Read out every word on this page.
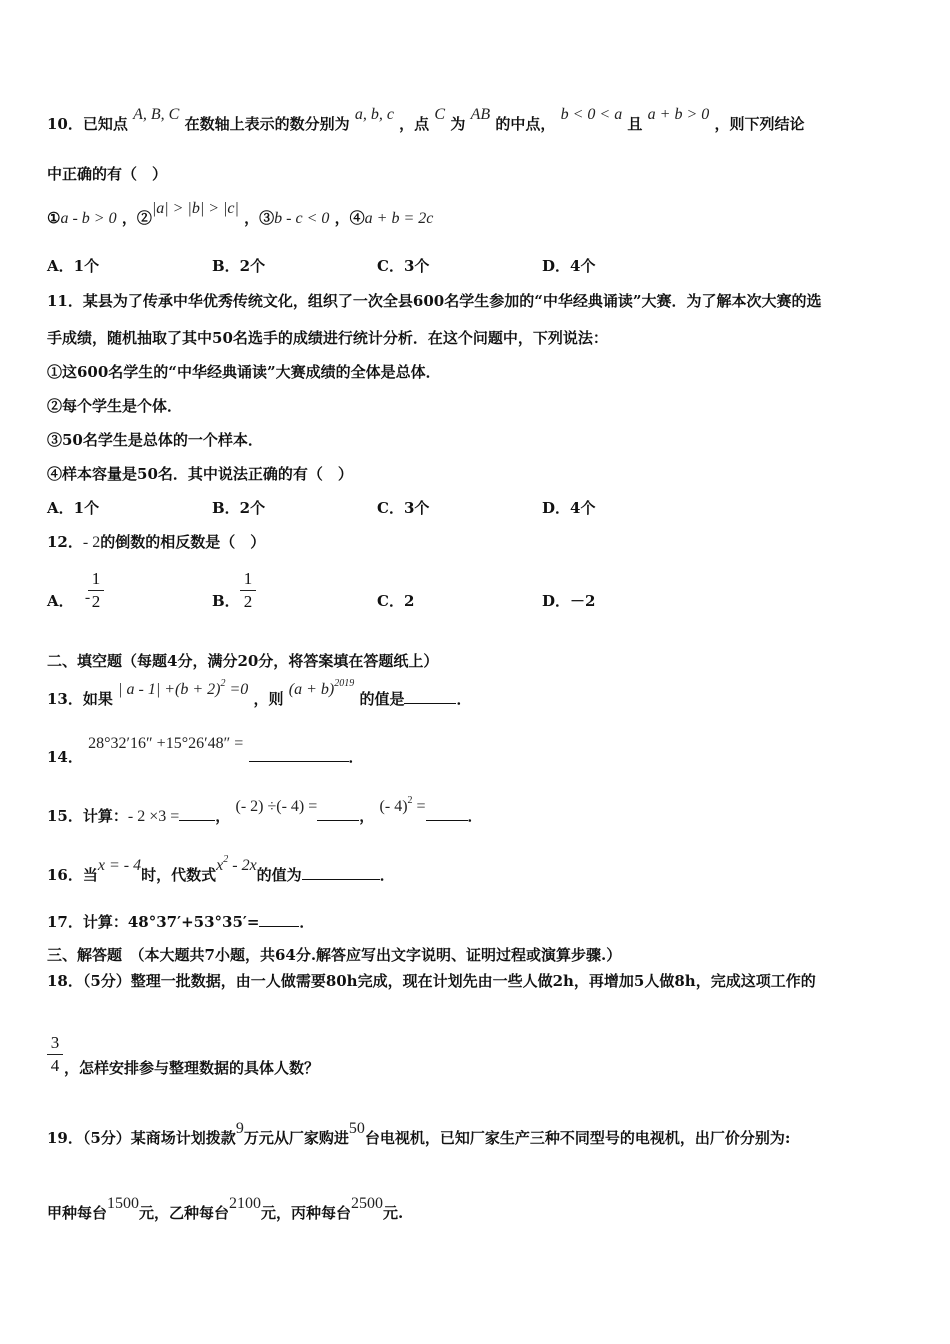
10．已知点 A, B, C 在数轴上表示的数分别为 a, b, c ，点 C 为 AB 的中点， b < 0 < a 且 a + b > 0 ，则下列结论
中正确的有（　）
①a - b > 0 ，②|a| > |b| > |c| ，③b - c < 0 ，④a + b = 2c
A．1个	B．2个	C．3个	D．4个
11．某县为了传承中华优秀传统文化，组织了一次全县600名学生参加的“中华经典诵读”大赛．为了解本次大赛的选
手成绩，随机抽取了其中50名选手的成绩进行统计分析．在这个问题中，下列说法：
①这600名学生的“中华经典诵读”大赛成绩的全体是总体．
②每个学生是个体．
③50名学生是总体的一个样本．
④样本容量是50名．其中说法正确的有（　）
A．1个	B．2个	C．3个	D．4个
12．- 2的倒数的相反数是（　）
A． -
1
2	B．
1
2	C．2	D．－2
二、填空题（每题4分，满分20分，将答案填在答题纸上）
13．如果 | $a - 1| +(b + 2)^2 =0$ ，则 $(a + b)^{2019}$ 的值是	．
14． 28°32′16″ +15°26′48″ = ．
15．计算：- 2 ×3 = ， (- 2) ÷(- 4) =， (- 4)$^2$ =．
16．当x = - 4时，代数式$x^2 - 2x$的值为	．
17．计算：48°37′+53°35′=	．
三、解答题　（本大题共7小题，共64分.解答应写出文字说明、证明过程或演算步骤.）
18．（5分）整理一批数据，由一人做需要80h完成，现在计划先由一些人做2h，再增加5人做8h，完成这项工作的
3
4 ，怎样安排参与整理数据的具体人数？
19．（5分）某商场计划拨款9万元从厂家购进50台电视机，已知厂家生产三种不同型号的电视机，出厂价分别为:
甲种每台1500元，乙种每台2100元，丙种每台2500元.
